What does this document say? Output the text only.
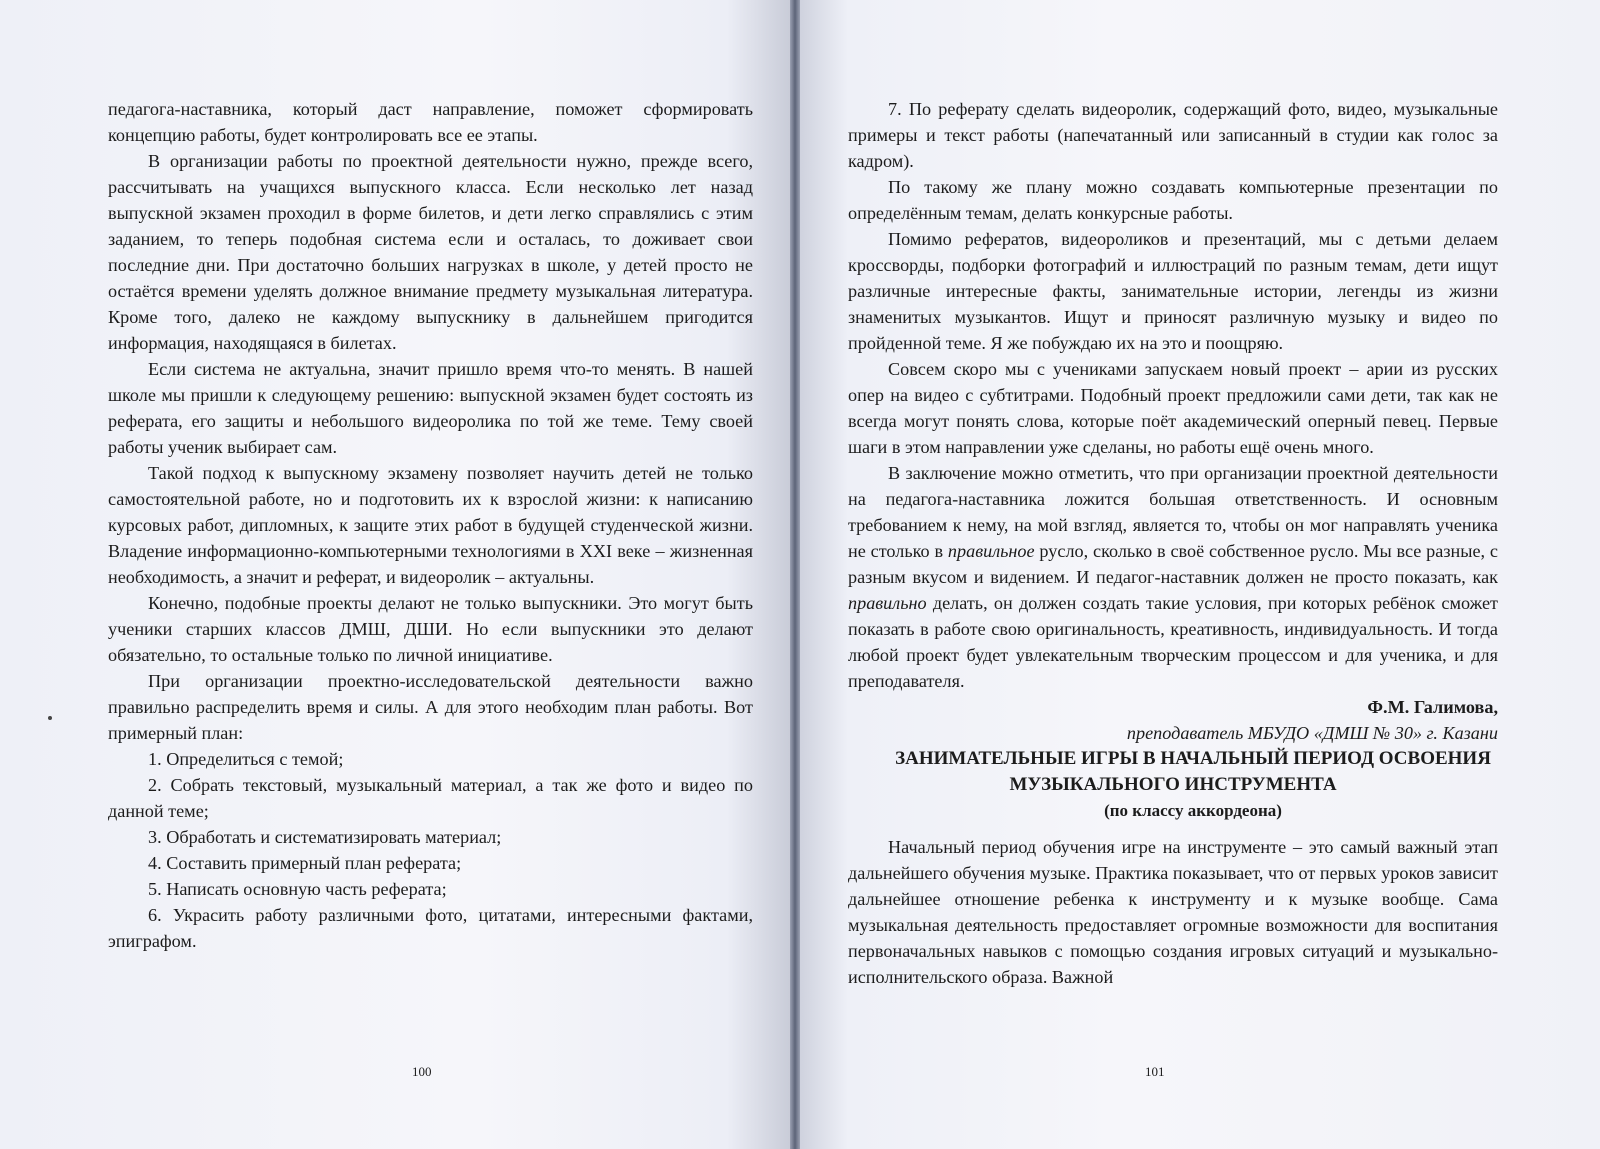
педагога-наставника, который даст направление, поможет сформировать концепцию работы, будет контролировать все ее этапы.

В организации работы по проектной деятельности нужно, прежде всего, рассчитывать на учащихся выпускного класса. Если несколько лет назад выпускной экзамен проходил в форме билетов, и дети легко справлялись с этим заданием, то теперь подобная система если и осталась, то доживает свои последние дни. При достаточно больших нагрузках в школе, у детей просто не остаётся времени уделять должное внимание предмету музыкальная литература. Кроме того, далеко не каждому выпускнику в дальнейшем пригодится информация, находящаяся в билетах.

Если система не актуальна, значит пришло время что-то менять. В нашей школе мы пришли к следующему решению: выпускной экзамен будет состоять из реферата, его защиты и небольшого видеоролика по той же теме. Тему своей работы ученик выбирает сам.

Такой подход к выпускному экзамену позволяет научить детей не только самостоятельной работе, но и подготовить их к взрослой жизни: к написанию курсовых работ, дипломных, к защите этих работ в будущей студенческой жизни. Владение информационно-компьютерными технологиями в XXI веке – жизненная необходимость, а значит и реферат, и видеоролик – актуальны.

Конечно, подобные проекты делают не только выпускники. Это могут быть ученики старших классов ДМШ, ДШИ. Но если выпускники это делают обязательно, то остальные только по личной инициативе.

При организации проектно-исследовательской деятельности важно правильно распределить время и силы. А для этого необходим план работы. Вот примерный план:

1. Определиться с темой;

2. Собрать текстовый, музыкальный материал, а так же фото и видео по данной теме;

3. Обработать и систематизировать материал;

4. Составить примерный план реферата;

5. Написать основную часть реферата;

6. Украсить работу различными фото, цитатами, интересными фактами, эпиграфом.

100

7. По реферату сделать видеоролик, содержащий фото, видео, музыкальные примеры и текст работы (напечатанный или записанный в студии как голос за кадром).

По такому же плану можно создавать компьютерные презентации по определённым темам, делать конкурсные работы.

Помимо рефератов, видеороликов и презентаций, мы с детьми делаем кроссворды, подборки фотографий и иллюстраций по разным темам, дети ищут различные интересные факты, занимательные истории, легенды из жизни знаменитых музыкантов. Ищут и приносят различную музыку и видео по пройденной теме. Я же побуждаю их на это и поощряю.

Совсем скоро мы с учениками запускаем новый проект – арии из русских опер на видео с субтитрами. Подобный проект предложили сами дети, так как не всегда могут понять слова, которые поёт академический оперный певец. Первые шаги в этом направлении уже сделаны, но работы ещё очень много.

В заключение можно отметить, что при организации проектной деятельности на педагога-наставника ложится большая ответственность. И основным требованием к нему, на мой взгляд, является то, чтобы он мог направлять ученика не столько в правильное русло, сколько в своё собственное русло. Мы все разные, с разным вкусом и видением. И педагог-наставник должен не просто показать, как правильно делать, он должен создать такие условия, при которых ребёнок сможет показать в работе свою оригинальность, креативность, индивидуальность. И тогда любой проект будет увлекательным творческим процессом и для ученика, и для преподавателя.

Ф.М. Галимова,

преподаватель МБУДО «ДМШ № 30» г. Казани

ЗАНИМАТЕЛЬНЫЕ ИГРЫ В НАЧАЛЬНЫЙ ПЕРИОД ОСВОЕНИЯ МУЗЫКАЛЬНОГО ИНСТРУМЕНТА

(по классу аккордеона)

Начальный период обучения игре на инструменте – это самый важный этап дальнейшего обучения музыке. Практика показывает, что от первых уроков зависит дальнейшее отношение ребенка к инструменту и к музыке вообще. Сама музыкальная деятельность предоставляет огромные возможности для воспитания первоначальных навыков с помощью создания игровых ситуаций и музыкально-исполнительского образа. Важной

101
